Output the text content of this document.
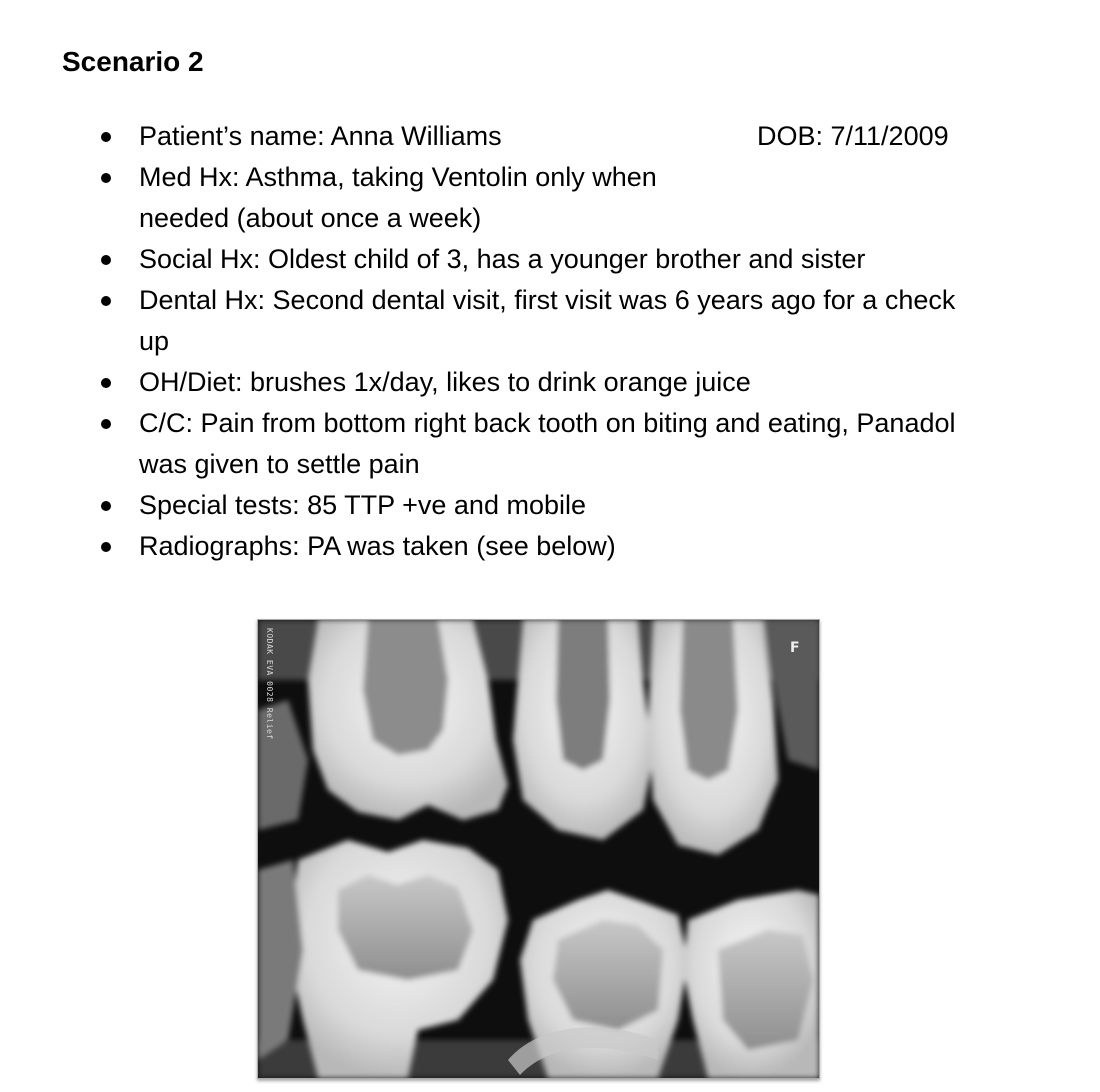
Scenario 2
Patient’s name: Anna Williams	DOB: 7/11/2009
Med Hx: Asthma, taking Ventolin only when needed (about once a week)
Social Hx: Oldest child of 3, has a younger brother and sister
Dental Hx: Second dental visit, first visit was 6 years ago for a check up
OH/Diet: brushes 1x/day, likes to drink orange juice
C/C: Pain from bottom right back tooth on biting and eating, Panadol was given to settle pain
Special tests: 85 TTP +ve and mobile
Radiographs: PA was taken (see below)
KODAK EVA 0028 Relief	F
